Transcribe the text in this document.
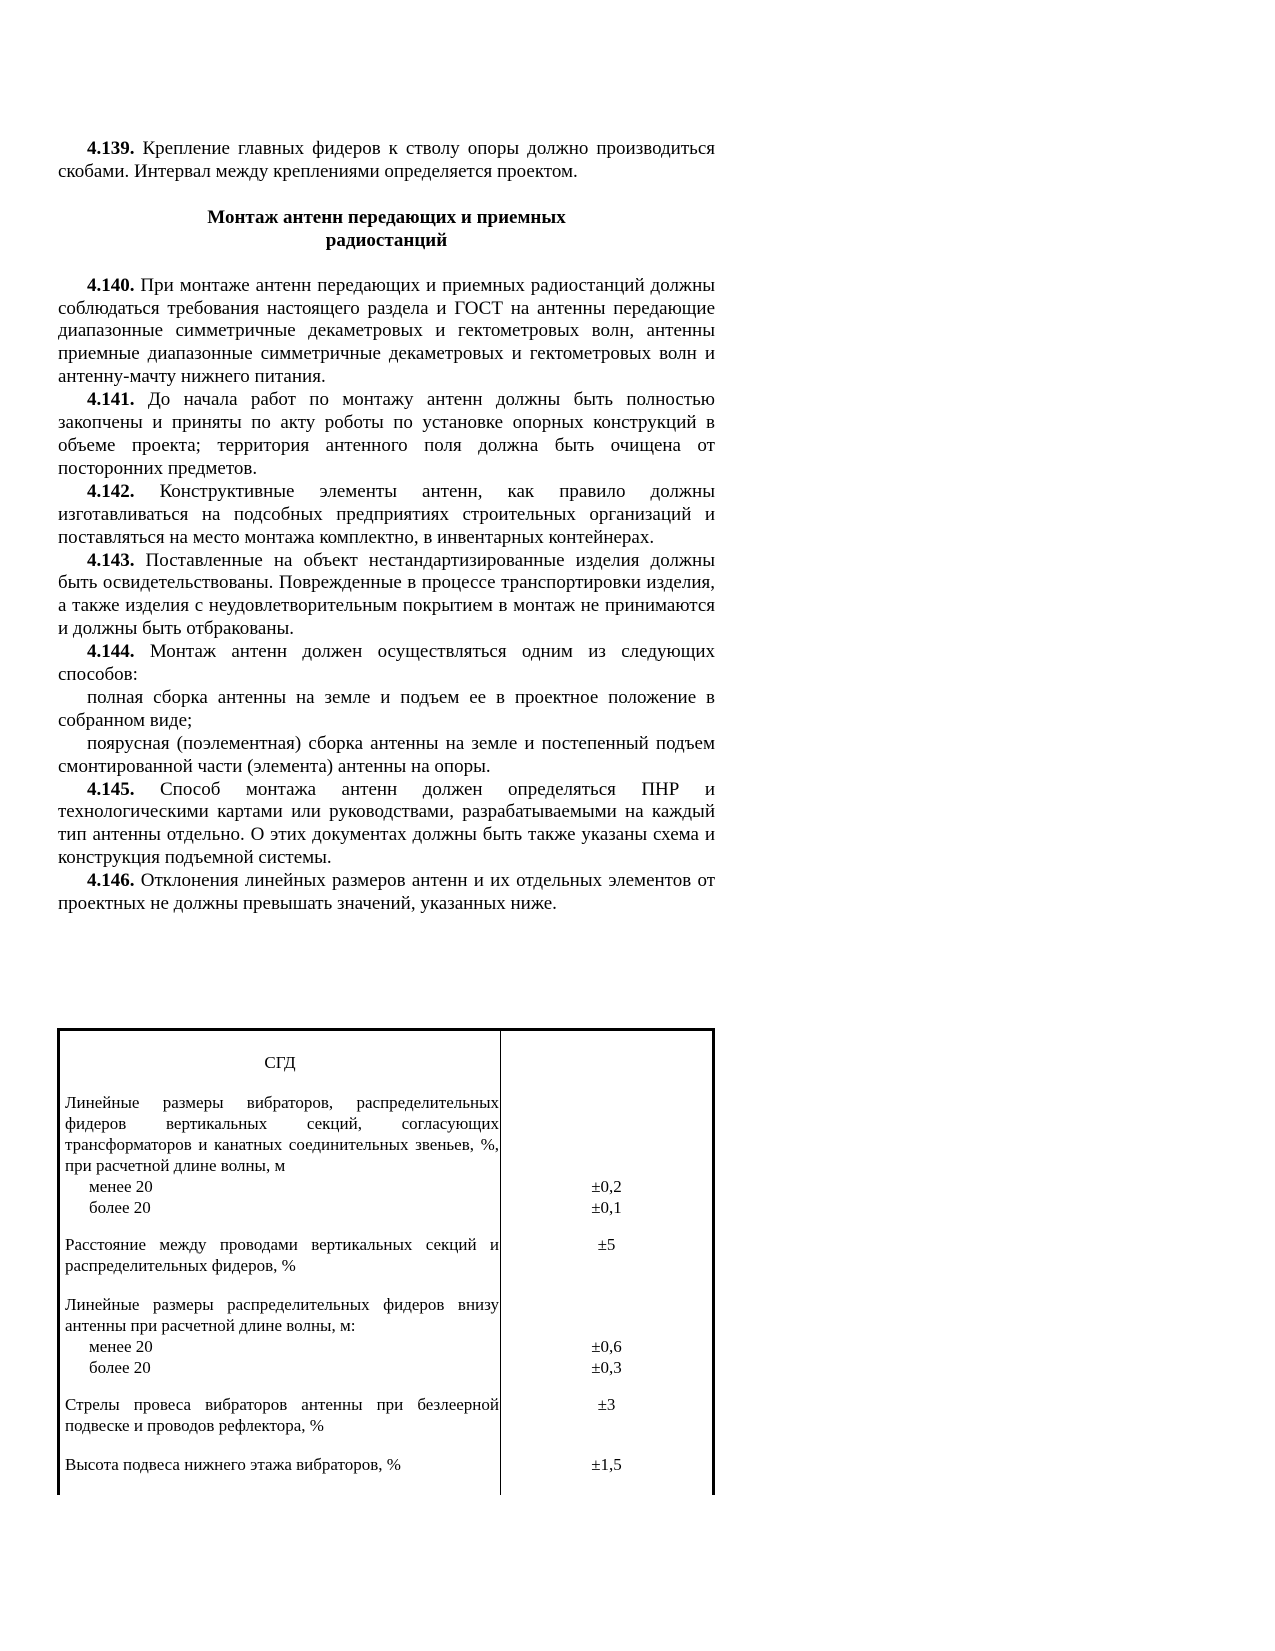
4.139. Крепление главных фидеров к стволу опоры должно производиться скобами. Интервал между креплениями определяется проектом.

Монтаж антенн передающих и приемных радиостанций

4.140. При монтаже антенн передающих и приемных радиостанций должны соблюдаться требования настоящего раздела и ГОСТ на антенны передающие диапазонные симметричные декаметровых и гектометровых волн, антенны приемные диапазонные симметричные декаметровых и гектометровых волн и антенну-мачту нижнего питания.

4.141. До начала работ по монтажу антенн должны быть полностью закопчены и приняты по акту роботы по установке опорных конструкций в объеме проекта; территория антенного поля должна быть очищена от посторонних предметов.

4.142. Конструктивные элементы антенн, как правило должны изготавливаться на подсобных предприятиях строительных организаций и поставляться на место монтажа комплектно, в инвентарных контейнерах.

4.143. Поставленные на объект нестандартизированные изделия должны быть освидетельствованы. Поврежденные в процессе транспортировки изделия, а также изделия с неудовлетворительным покрытием в монтаж не принимаются и должны быть отбракованы.

4.144. Монтаж антенн должен осуществляться одним из следующих способов:

полная сборка антенны на земле и подъем ее в проектное положение в собранном виде;

поярусная (поэлементная) сборка антенны на земле и постепенный подъем смонтированной части (элемента) антенны на опоры.

4.145. Способ монтажа антенн должен определяться ПНР и технологическими картами или руководствами, разрабатываемыми на каждый тип антенны отдельно. О этих документах должны быть также указаны схема и конструкция подъемной системы.

4.146. Отклонения линейных размеров антенн и их отдельных элементов от проектных не должны превышать значений, указанных ниже.

СГД
Линейные размеры вибраторов, распределительных фидеров вертикальных секций, согласующих трансформаторов и канатных соединительных звеньев, %, при расчетной длине волны, м
менее 20
более 20
±0,2
±0,1
Расстояние между проводами вертикальных секций и распределительных фидеров, %
±5
Линейные размеры распределительных фидеров внизу антенны при расчетной длине волны, м:
менее 20
более 20
±0,6
±0,3
Стрелы провеса вибраторов антенны при безлеерной подвеске и проводов рефлектора, %
±3
Высота подвеса нижнего этажа вибраторов, %	±1,5
